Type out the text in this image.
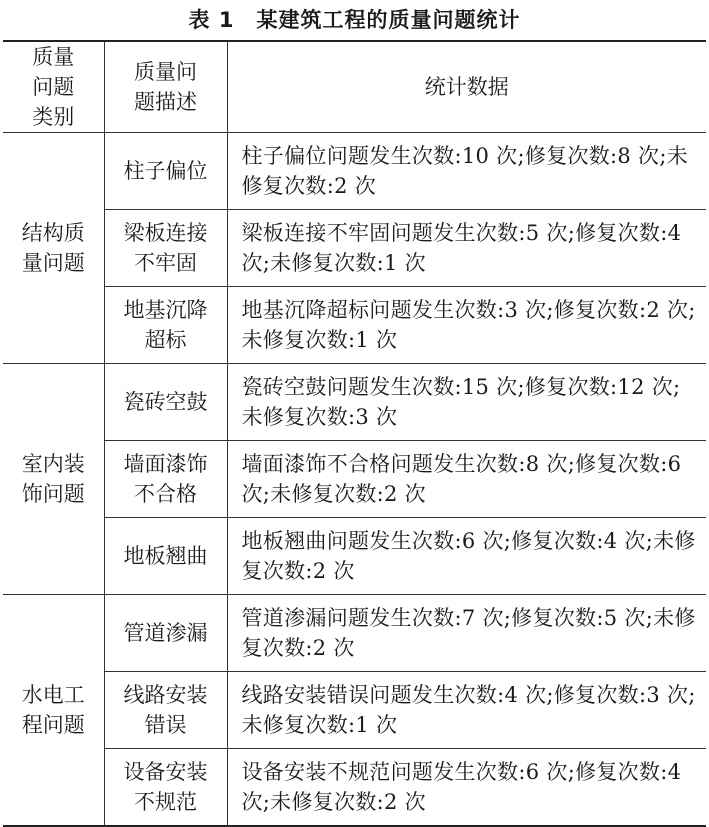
表 1 某建筑工程的质量问题统计
质量问题类别	质量问题描述	统计数据

结构质量问题	柱子偏位	柱子偏位问题发生次数:10 次;修复次数:8 次;未修复次数:2 次

	梁板连接不牢固	梁板连接不牢固问题发生次数:5 次;修复次数:4 次;未修复次数:1 次

	地基沉降超标	地基沉降超标问题发生次数:3 次;修复次数:2 次;未修复次数:1 次

室内装饰问题	瓷砖空鼓	瓷砖空鼓问题发生次数:15 次;修复次数:12 次;未修复次数:3 次

	墙面漆饰不合格	墙面漆饰不合格问题发生次数:8 次;修复次数:6 次;未修复次数:2 次

	地板翘曲	地板翘曲问题发生次数:6 次;修复次数:4 次;未修复次数:2 次

水电工程问题	管道渗漏	管道渗漏问题发生次数:7 次;修复次数:5 次;未修复次数:2 次

	线路安装错误	线路安装错误问题发生次数:4 次;修复次数:3 次;未修复次数:1 次

	设备安装不规范	设备安装不规范问题发生次数:6 次;修复次数:4 次;未修复次数:2 次
